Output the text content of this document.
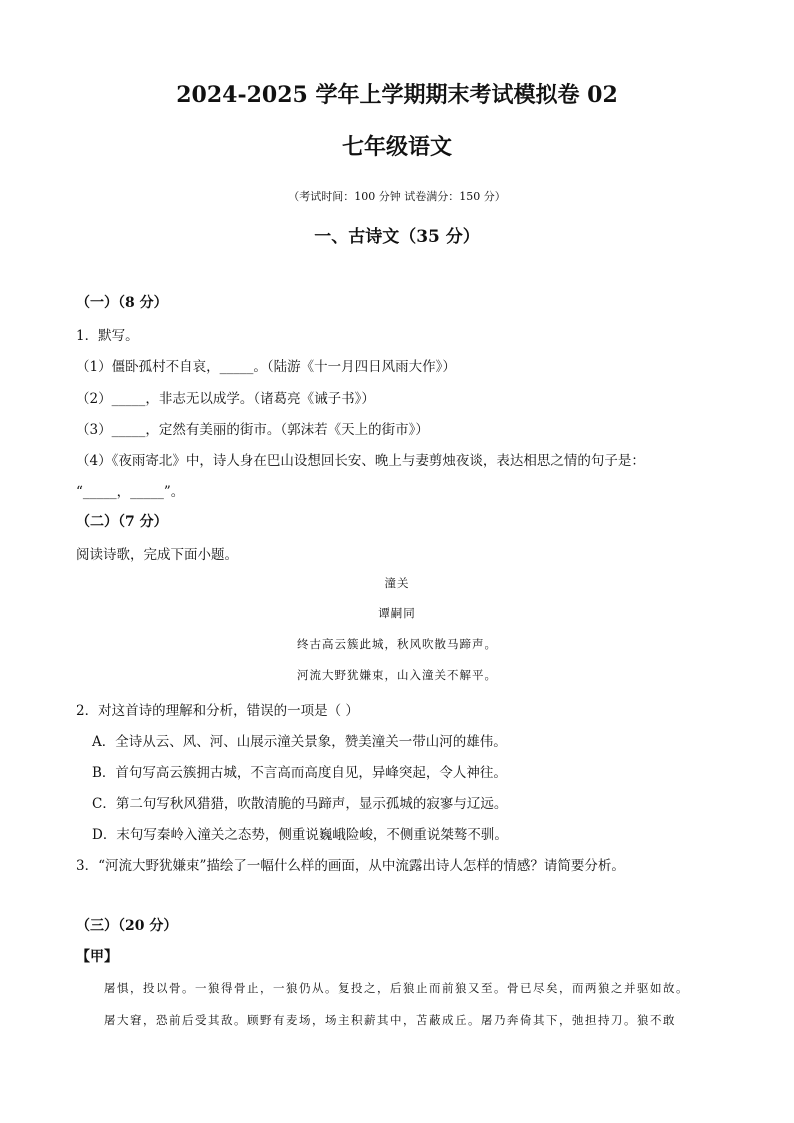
2024-2025 学年上学期期末考试模拟卷 02
七年级语文
（考试时间：100 分钟 试卷满分：150 分）
一、古诗文（35 分）
（一）（8 分）
1．默写。
（1）僵卧孤村不自哀，_____。（陆游《十一月四日风雨大作》）
（2）_____，非志无以成学。（诸葛亮《诫子书》）
（3）_____，定然有美丽的街市。（郭沫若《天上的街市》）
（4）《夜雨寄北》中，诗人身在巴山设想回长安、晚上与妻剪烛夜谈，表达相思之情的句子是：
“_____，_____”。
（二）（7 分）
阅读诗歌，完成下面小题。
潼关
谭嗣同
终古高云簇此城，秋风吹散马蹄声。
河流大野犹嫌束，山入潼关不解平。
2．对这首诗的理解和分析，错误的一项是（ ）
A．全诗从云、风、河、山展示潼关景象，赞美潼关一带山河的雄伟。
B．首句写高云簇拥古城，不言高而高度自见，异峰突起，令人神往。
C．第二句写秋风猎猎，吹散清脆的马蹄声，显示孤城的寂寥与辽远。
D．末句写秦岭入潼关之态势，侧重说巍峨险峻，不侧重说桀骜不驯。
3．“河流大野犹嫌束”描绘了一幅什么样的画面，从中流露出诗人怎样的情感？请简要分析。
（三）（20 分）
【甲】
屠惧，投以骨。一狼得骨止，一狼仍从。复投之，后狼止而前狼又至。骨已尽矣，而两狼之并驱如故。
屠大窘，恐前后受其敌。顾野有麦场，场主积薪其中，苫蔽成丘。屠乃奔倚其下，弛担持刀。狼不敢
